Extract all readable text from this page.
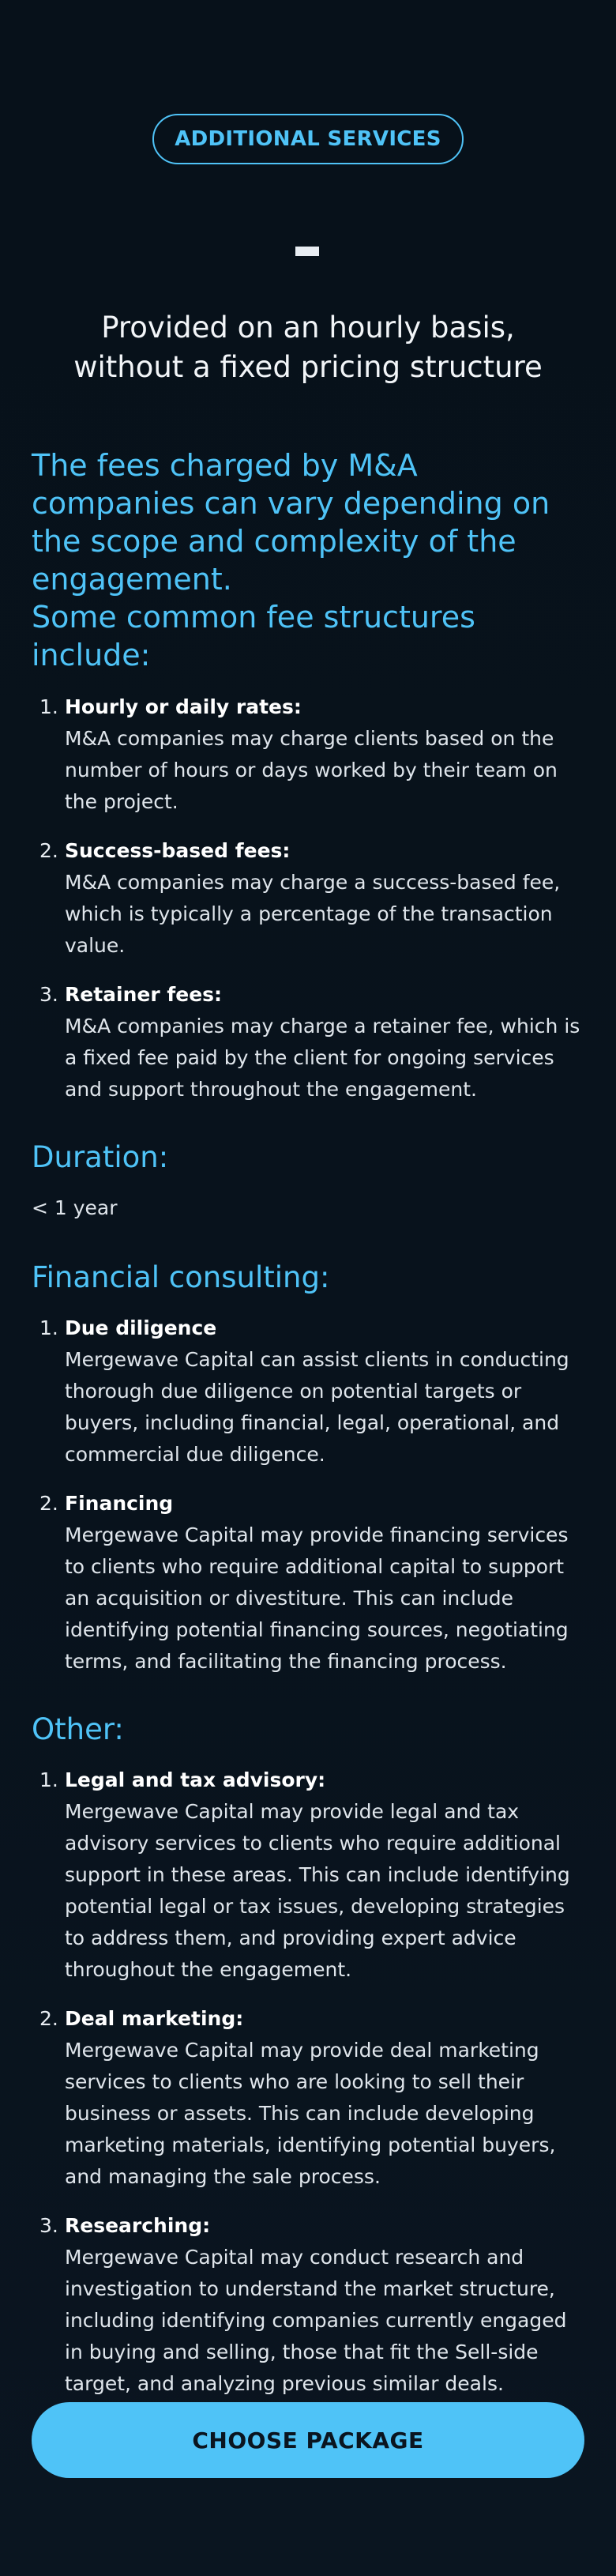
ADDITIONAL SERVICES
Provided on an hourly basis,
without a fixed pricing structure

The fees charged by M&A companies can vary depending on the scope and complexity of the engagement.

Some common fee structures include:

1. Hourly or daily rates:
M&A companies may charge clients based on the number of hours or days worked by their team on the project.
2. Success-based fees:
M&A companies may charge a success-based fee, which is typically a percentage of the transaction value.
3. Retainer fees:
M&A companies may charge a retainer fee, which is a fixed fee paid by the client for ongoing services and support throughout the engagement.
Duration:
< 1 year
Financial consulting:
1. Due diligence
Mergewave Capital can assist clients in conducting thorough due diligence on potential targets or buyers, including financial, legal, operational, and commercial due diligence.
2. Financing
Mergewave Capital may provide financing services to clients who require additional capital to support an acquisition or divestiture. This can include identifying potential financing sources, negotiating terms, and facilitating the financing process.
Other:
1. Legal and tax advisory:
Mergewave Capital may provide legal and tax advisory services to clients who require additional support in these areas. This can include identifying potential legal or tax issues, developing strategies to address them, and providing expert advice throughout the engagement.
2. Deal marketing:
Mergewave Capital may provide deal marketing services to clients who are looking to sell their business or assets. This can include developing marketing materials, identifying potential buyers, and managing the sale process.
3. Researching:
Mergewave Capital may conduct research and investigation to understand the market structure, including identifying companies currently engaged in buying and selling, those that fit the Sell-side target, and analyzing previous similar deals.
CHOOSE PACKAGE
